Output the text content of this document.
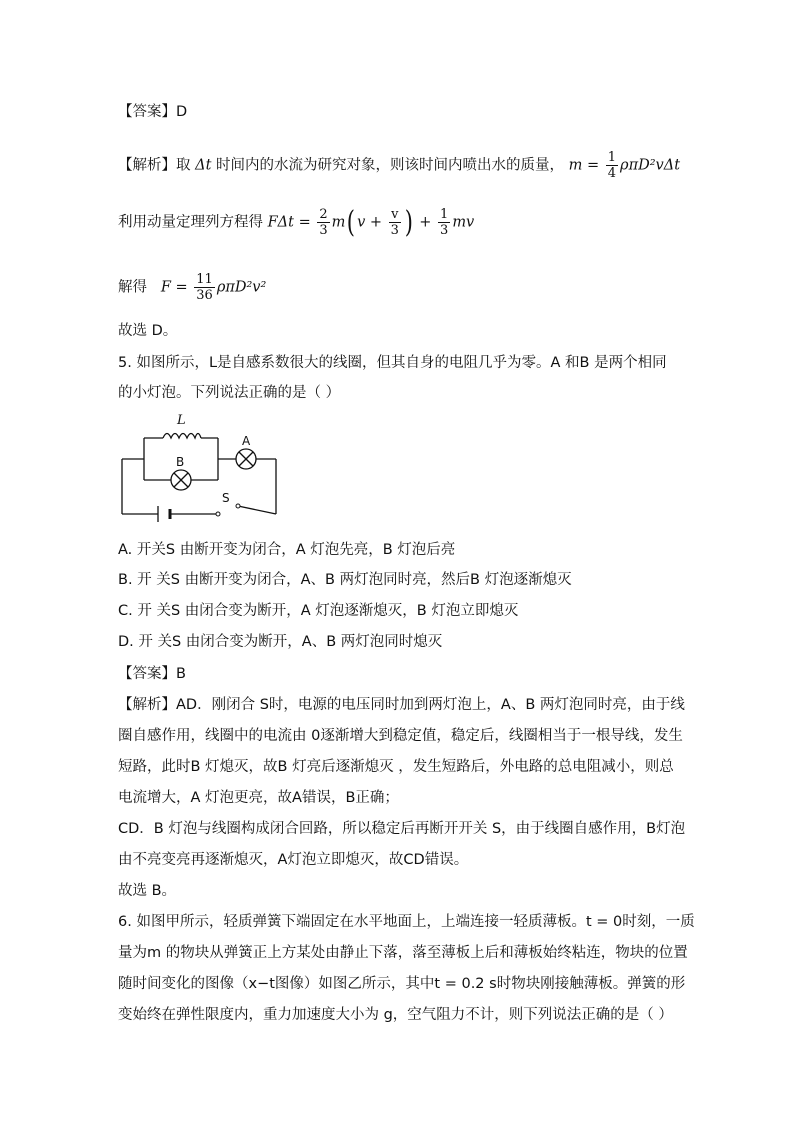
【答案】D
【解析】取 Δt 时间内的水流为研究对象，则该时间内喷出水的质量， $m = \frac{1}{4} \rho\pi D^2v\Delta t$
利用动量定理列方程得 $F\Delta t = \frac{2}{3} m$( $v + \frac{v}{3}$ ) + $\frac{1}{3}$ mv
解得 $F = \frac{11}{36} \rho\pi D^2v^2$
故选 D。
5. 如图所示，L是自感系数很大的线圈，但其自身的电阻几乎为零。A 和B 是两个相同
的小灯泡。下列说法正确的是（ ）
L
B
A
S
A. 开关S 由断开变为闭合，A 灯泡先亮，B 灯泡后亮
B. 开 关S 由断开变为闭合，A、B 两灯泡同时亮，然后B 灯泡逐渐熄灭
C. 开 关S 由闭合变为断开，A 灯泡逐渐熄灭，B 灯泡立即熄灭
D. 开 关S 由闭合变为断开，A、B 两灯泡同时熄灭
【答案】B
【解析】AD．刚闭合 S时，电源的电压同时加到两灯泡上，A、B 两灯泡同时亮，由于线
圈自感作用，线圈中的电流由 0逐渐增大到稳定值，稳定后，线圈相当于一根导线，发生
短路，此时B 灯熄灭，故B 灯亮后逐渐熄灭 ，发生短路后，外电路的总电阻减小，则总
电流增大，A 灯泡更亮，故A错误，B正确；
CD．B 灯泡与线圈构成闭合回路，所以稳定后再断开开关 S，由于线圈自感作用，B灯泡
由不亮变亮再逐渐熄灭，A灯泡立即熄灭，故CD错误。
故选 B。
6. 如图甲所示，轻质弹簧下端固定在水平地面上，上端连接一轻质薄板。t = 0时刻，一质
量为m 的物块从弹簧正上方某处由静止下落，落至薄板上后和薄板始终粘连，物块的位置
随时间变化的图像（x−t图像）如图乙所示，其中t = 0.2 s时物块刚接触薄板。弹簧的形
变始终在弹性限度内，重力加速度大小为 g，空气阻力不计，则下列说法正确的是（ ）
